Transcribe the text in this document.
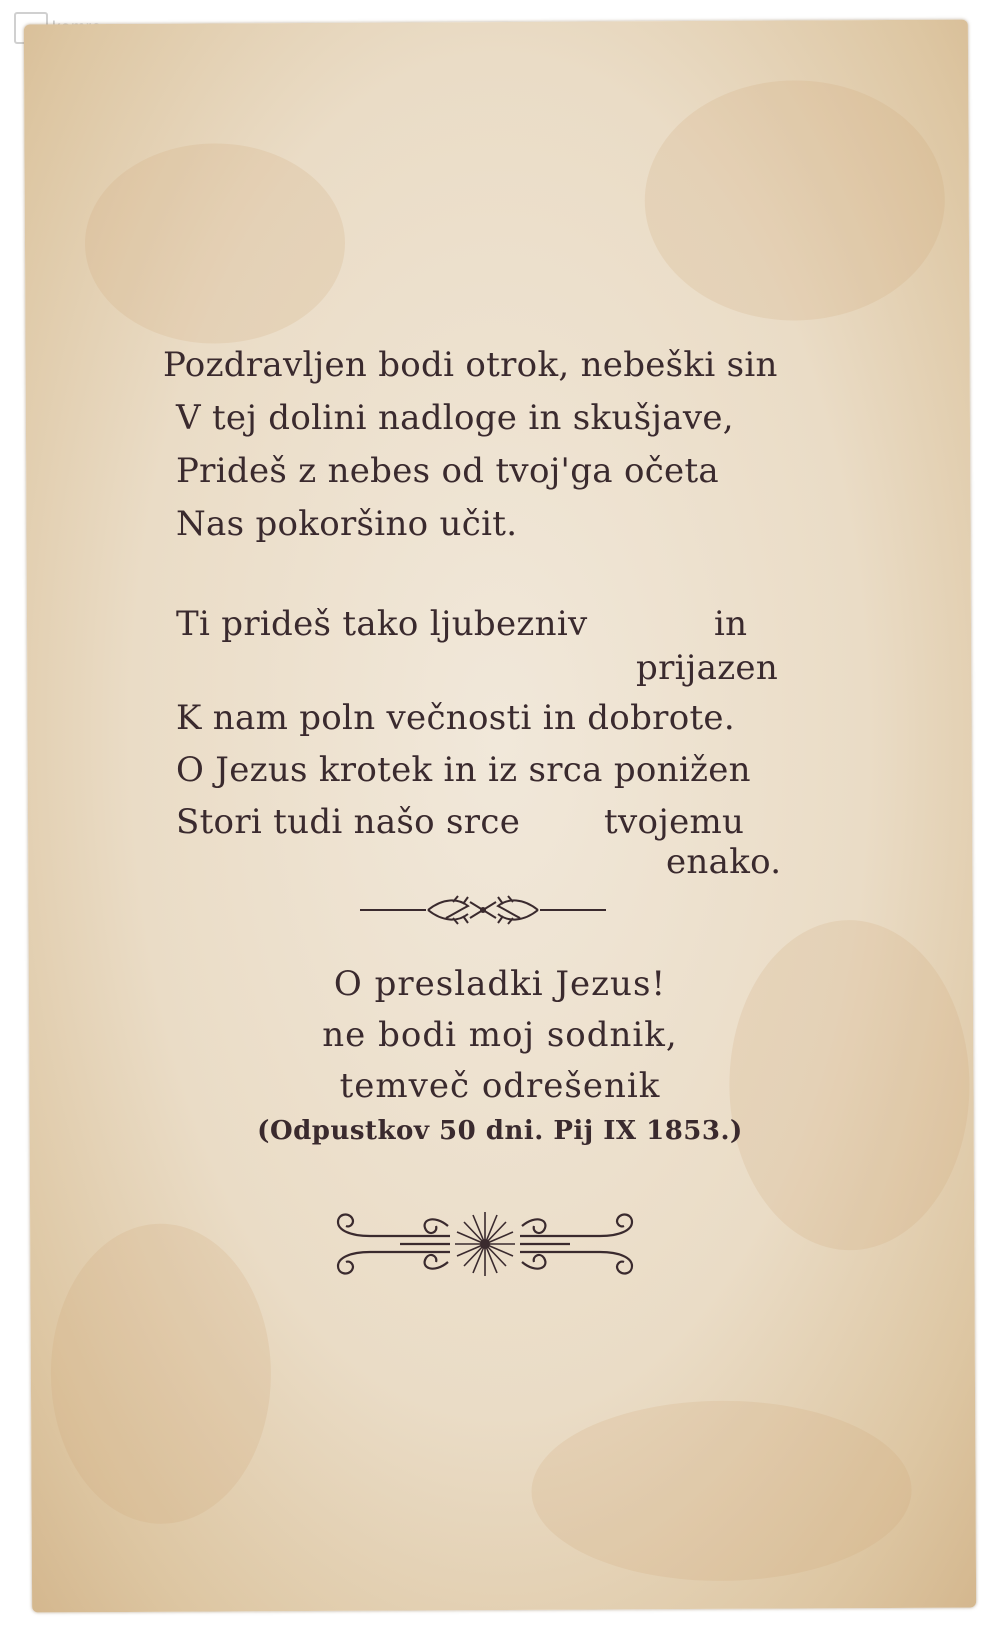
Pozdravljen bodi otrok, nebeški sin
V tej dolini nadloge in skušjave,
Prideš z nebes od tvoj'ga očeta
Nas pokoršino učit.
Ti prideš tako ljubezniv	in
prijazen
K nam poln večnosti in dobrote.
O Jezus krotek in iz srca ponižen
Stori tudi našo srce tvojemu
enako.
O presladki Jezus!
ne bodi moj sodnik,
temveč odrešenik
(Odpustkov 50 dni. Pij IX 1853.)
